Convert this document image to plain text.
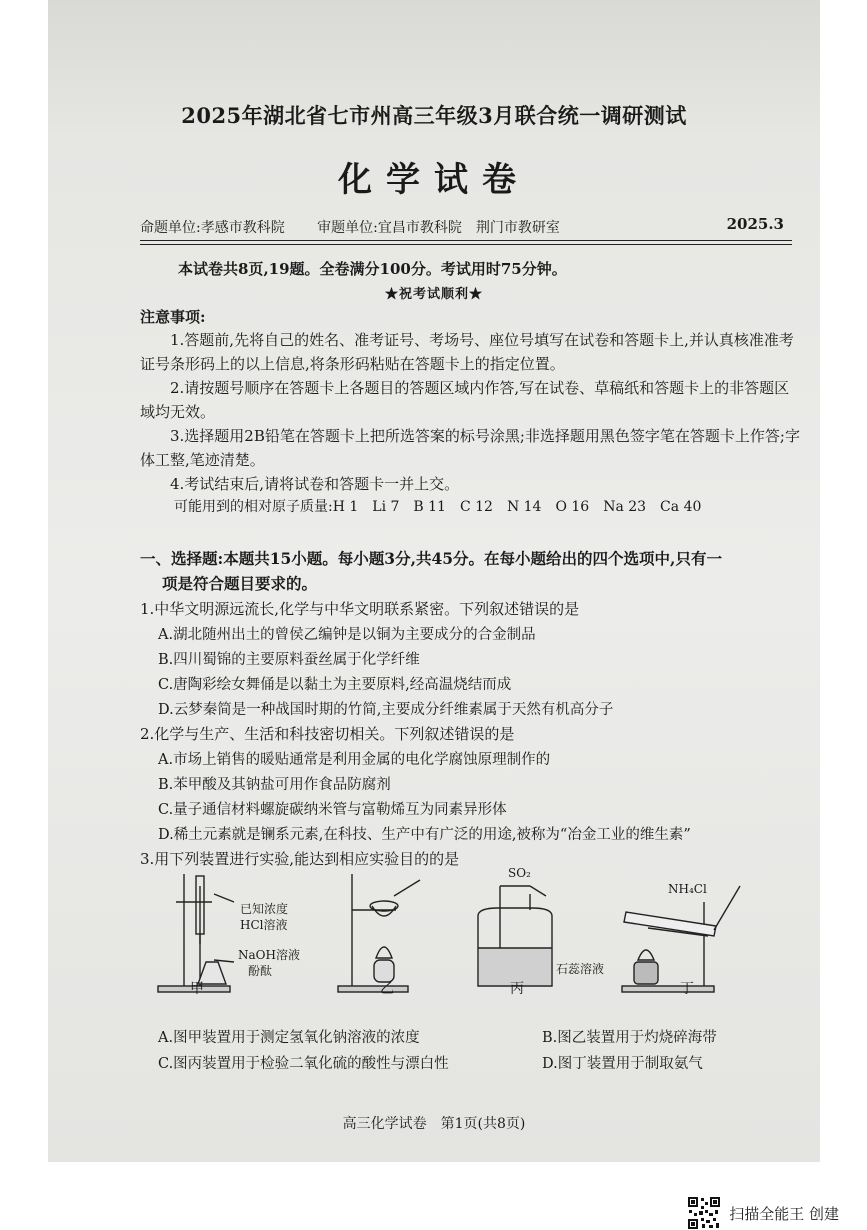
2025年湖北省七市州高三年级3月联合统一调研测试
化学试卷
命题单位:孝感市教科院 审题单位:宜昌市教科院　荆门市教研室	2025.3
本试卷共8页,19题。全卷满分100分。考试用时75分钟。
★祝考试顺利★
注意事项:
1.答题前,先将自己的姓名、准考证号、考场号、座位号填写在试卷和答题卡上,并认真核准准考证号条形码上的以上信息,将条形码粘贴在答题卡上的指定位置。
2.请按题号顺序在答题卡上各题目的答题区域内作答,写在试卷、草稿纸和答题卡上的非答题区域均无效。
3.选择题用2B铅笔在答题卡上把所选答案的标号涂黑;非选择题用黑色签字笔在答题卡上作答;字体工整,笔迹清楚。
4.考试结束后,请将试卷和答题卡一并上交。
可能用到的相对原子质量:H 1　Li 7　B 11　C 12　N 14　O 16　Na 23　Ca 40
一、选择题:本题共15小题。每小题3分,共45分。在每小题给出的四个选项中,只有一
项是符合题目要求的。
1.中华文明源远流长,化学与中华文明联系紧密。下列叙述错误的是
A.湖北随州出土的曾侯乙编钟是以铜为主要成分的合金制品
B.四川蜀锦的主要原料蚕丝属于化学纤维
C.唐陶彩绘女舞俑是以黏土为主要原料,经高温烧结而成
D.云梦秦简是一种战国时期的竹简,主要成分纤维素属于天然有机高分子
2.化学与生产、生活和科技密切相关。下列叙述错误的是
A.市场上销售的暖贴通常是利用金属的电化学腐蚀原理制作的
B.苯甲酸及其钠盐可用作食品防腐剂
C.量子通信材料螺旋碳纳米管与富勒烯互为同素异形体
D.稀土元素就是镧系元素,在科技、生产中有广泛的用途,被称为“冶金工业的维生素”
3.用下列装置进行实验,能达到相应实验目的的是
已知浓度
HCl溶液
NaOH溶液
酚酞
SO₂
石蕊溶液
NH₄Cl
甲	乙	丙	丁
A.图甲装置用于测定氢氧化钠溶液的浓度	B.图乙装置用于灼烧碎海带
C.图丙装置用于检验二氧化硫的酸性与漂白性	D.图丁装置用于制取氨气
高三化学试卷　第1页(共8页)
扫描全能王 创建
